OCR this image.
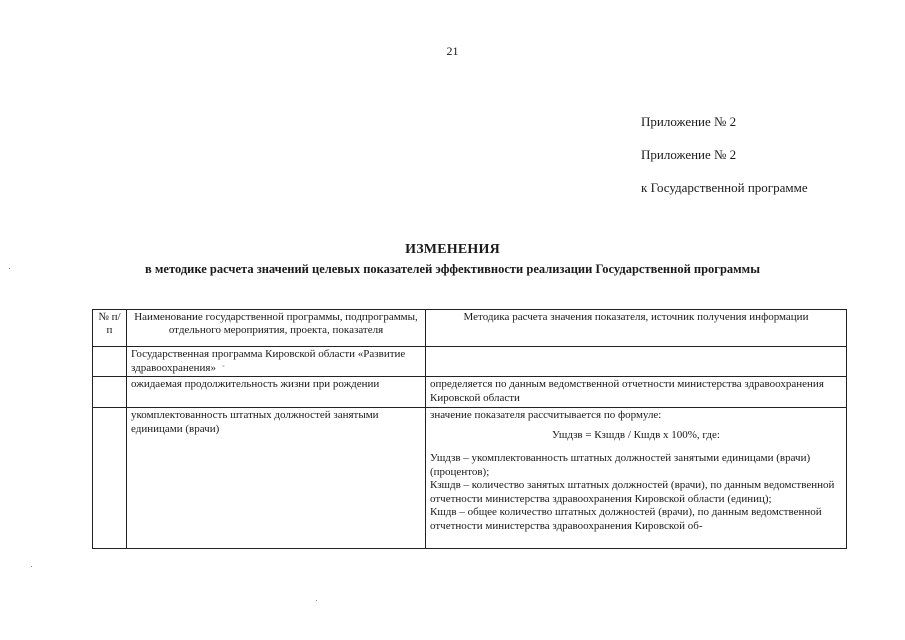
21
Приложение № 2
Приложение № 2
к Государственной программе
ИЗМЕНЕНИЯ
в методике расчета значений целевых показателей эффективности реализации Государственной программы
№ п/п	Наименование государственной программы, подпрограммы, отдельного мероприятия, проекта, показателя	Методика расчета значения показателя, источник получения информации
	Государственная программа Кировской области «Развитие здравоохранения» ˜	
	ожидаемая продолжительность жизни при рождении	определяется по данным ведомственной отчетности министерства здравоохранения Кировской области
	укомплектованность штатных должностей занятыми единицами (врачи)	значение показателя рассчитывается по формуле:
Ушдзв = Кзшдв / Кшдв х 100%, где:
Ушдзв – укомплектованность штатных должностей занятыми единицами (врачи) (процентов);
Кзшдв – количество занятых штатных должностей (врачи), по данным ведомственной отчетности министерства здравоохранения Кировской области (единиц);
Кшдв – общее количество штатных должностей (врачи), по данным ведомственной отчетности министерства здравоохранения Кировской об-
